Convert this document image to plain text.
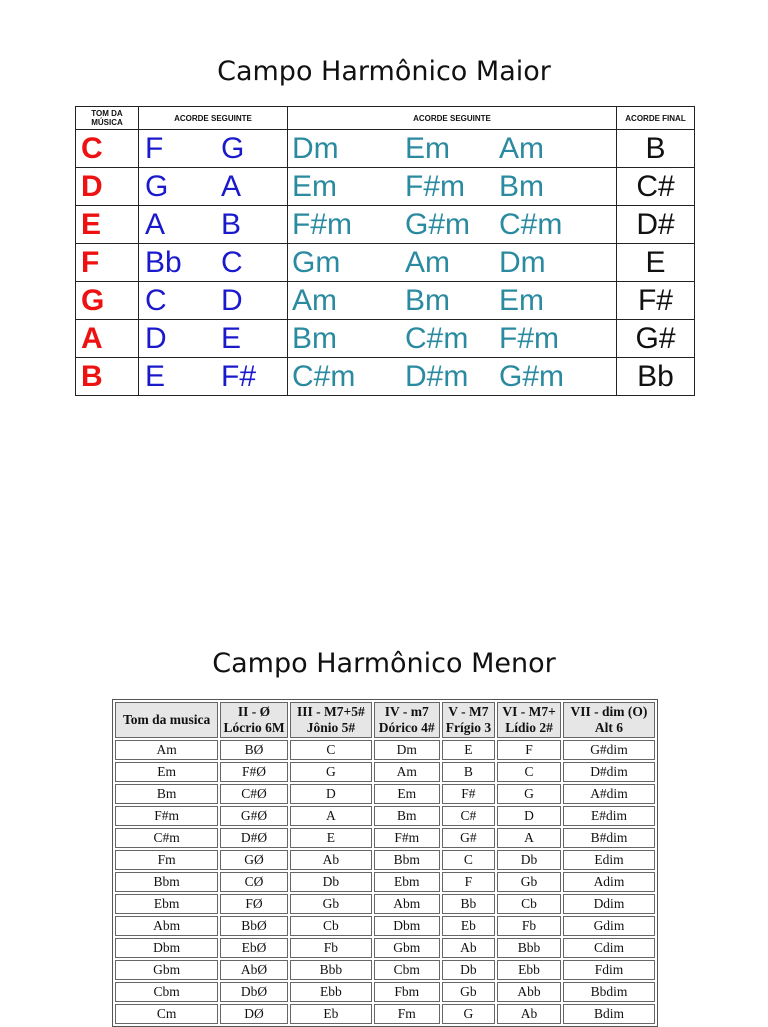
Campo Harmônico Maior
TOM DA MÚSICA	ACORDE SEGUINTE	ACORDE SEGUINTE	ACORDE FINAL
C	F G	Dm Em Am	B
D	G A	Em F#m Bm	C#
E	A B	F#m G#m C#m	D#
F	Bb C	Gm Am Dm	E
G	C D	Am Bm Em	F#
A	D E	Bm C#m F#m	G#
B	E F#	C#m D#m G#m	Bb
Campo Harmônico Menor
Tom da musica	II - Ø Lócrio 6M	III - M7+5# Jônio 5#	IV - m7 Dórico 4#	V - M7 Frígio 3	VI - M7+ Lídio 2#	VII - dim (O) Alt 6
Am	BØ	C	Dm	E	F	G#dim
Em	F#Ø	G	Am	B	C	D#dim
Bm	C#Ø	D	Em	F#	G	A#dim
F#m	G#Ø	A	Bm	C#	D	E#dim
C#m	D#Ø	E	F#m	G#	A	B#dim
Fm	GØ	Ab	Bbm	C	Db	Edim
Bbm	CØ	Db	Ebm	F	Gb	Adim
Ebm	FØ	Gb	Abm	Bb	Cb	Ddim
Abm	BbØ	Cb	Dbm	Eb	Fb	Gdim
Dbm	EbØ	Fb	Gbm	Ab	Bbb	Cdim
Gbm	AbØ	Bbb	Cbm	Db	Ebb	Fdim
Cbm	DbØ	Ebb	Fbm	Gb	Abb	Bbdim
Cm	DØ	Eb	Fm	G	Ab	Bdim
